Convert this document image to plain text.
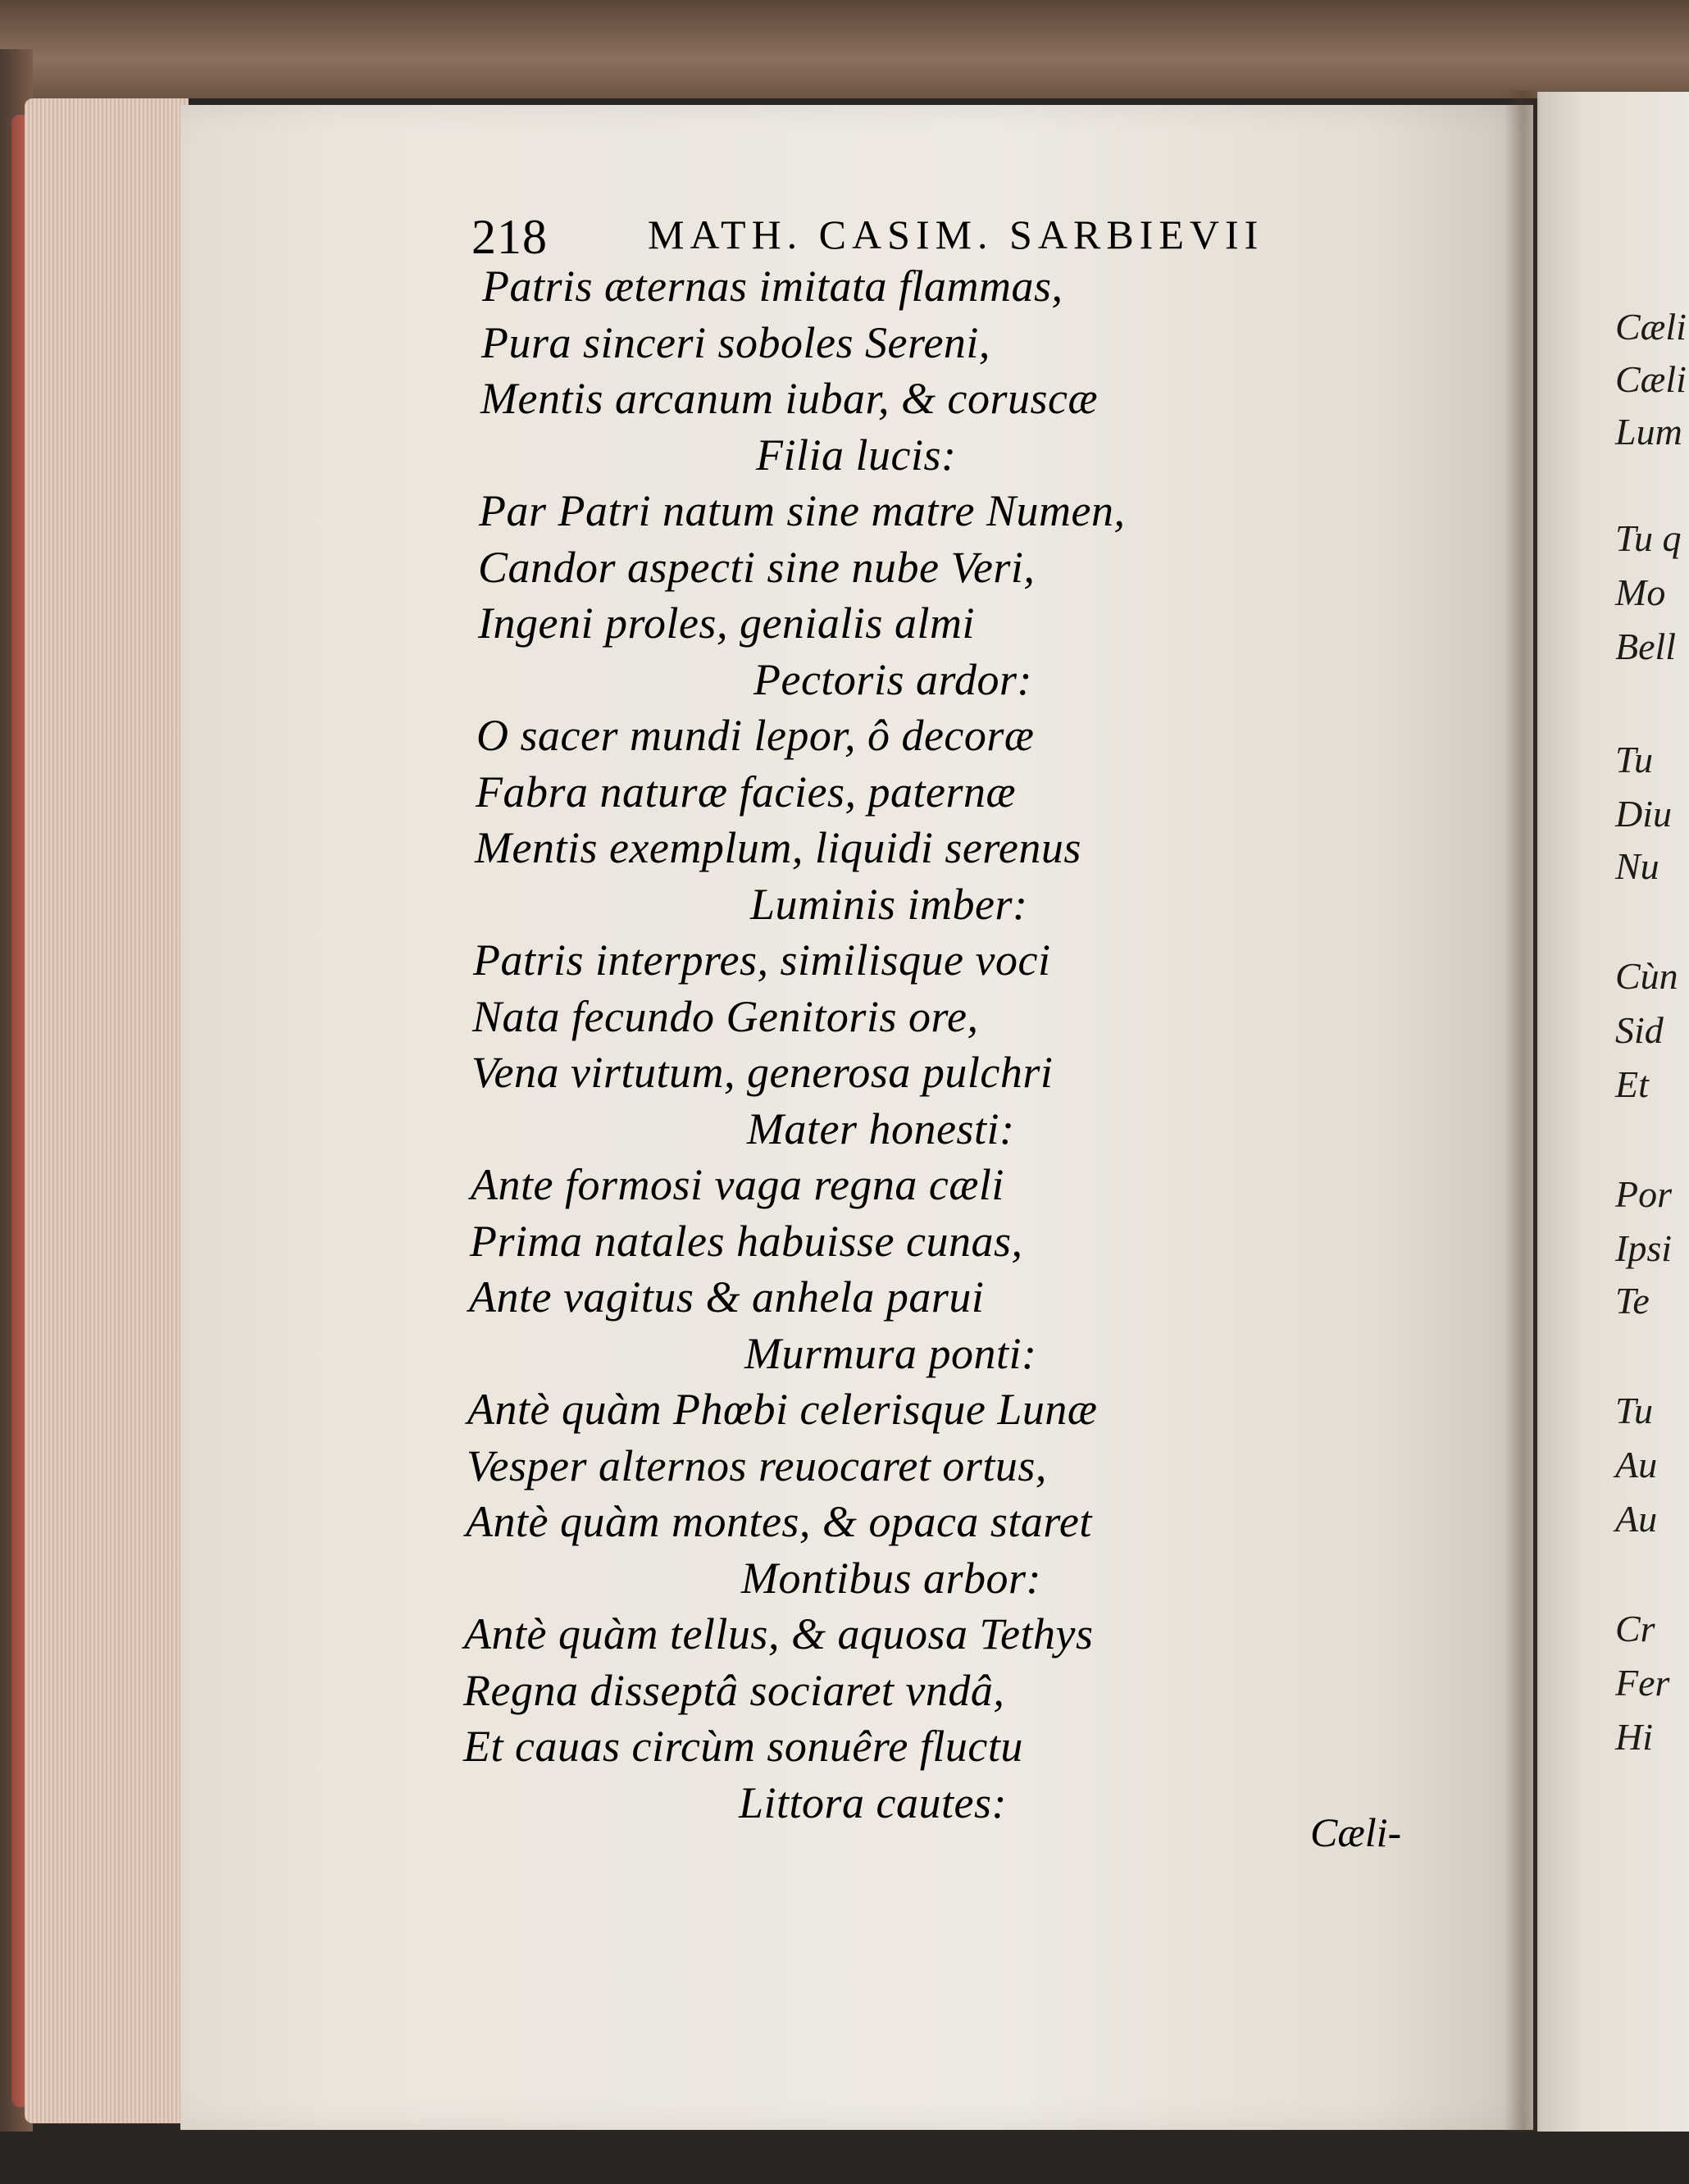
218 MATH. CASIM. SARBIEVII
Patris æternas imitata flammas,
Pura sinceri soboles Sereni,
Mentis arcanum iubar, & coruscæ
Filia lucis:
Par Patri natum sine matre Numen,
Candor aspecti sine nube Veri,
Ingeni proles, genialis almi
Pectoris ardor:
O sacer mundi lepor, ô decoræ
Fabra naturæ facies, paternæ
Mentis exemplum, liquidi serenus
Luminis imber:
Patris interpres, similisque voci
Nata fecundo Genitoris ore,
Vena virtutum, generosa pulchri
Mater honesti:
Ante formosi vaga regna cæli
Prima natales habuisse cunas,
Ante vagitus & anhela parui
Murmura ponti:
Antè quàm Phœbi celerisque Lunæ
Vesper alternos reuocaret ortus,
Antè quàm montes, & opaca staret
Montibus arbor:
Antè quàm tellus, & aquosa Tethys
Regna disseptâ sociaret vndâ,
Et cauas circùm sonuêre fluctu
Littora cautes:
Cæli-
Cæli
Cæli
Lum
Tu q
Mo
Bell
Tu
Diu
Nu
Cùn
Sid
Et
Por
Ipsi
Te
Tu
Au
Au
Cr
Fer
Hi
